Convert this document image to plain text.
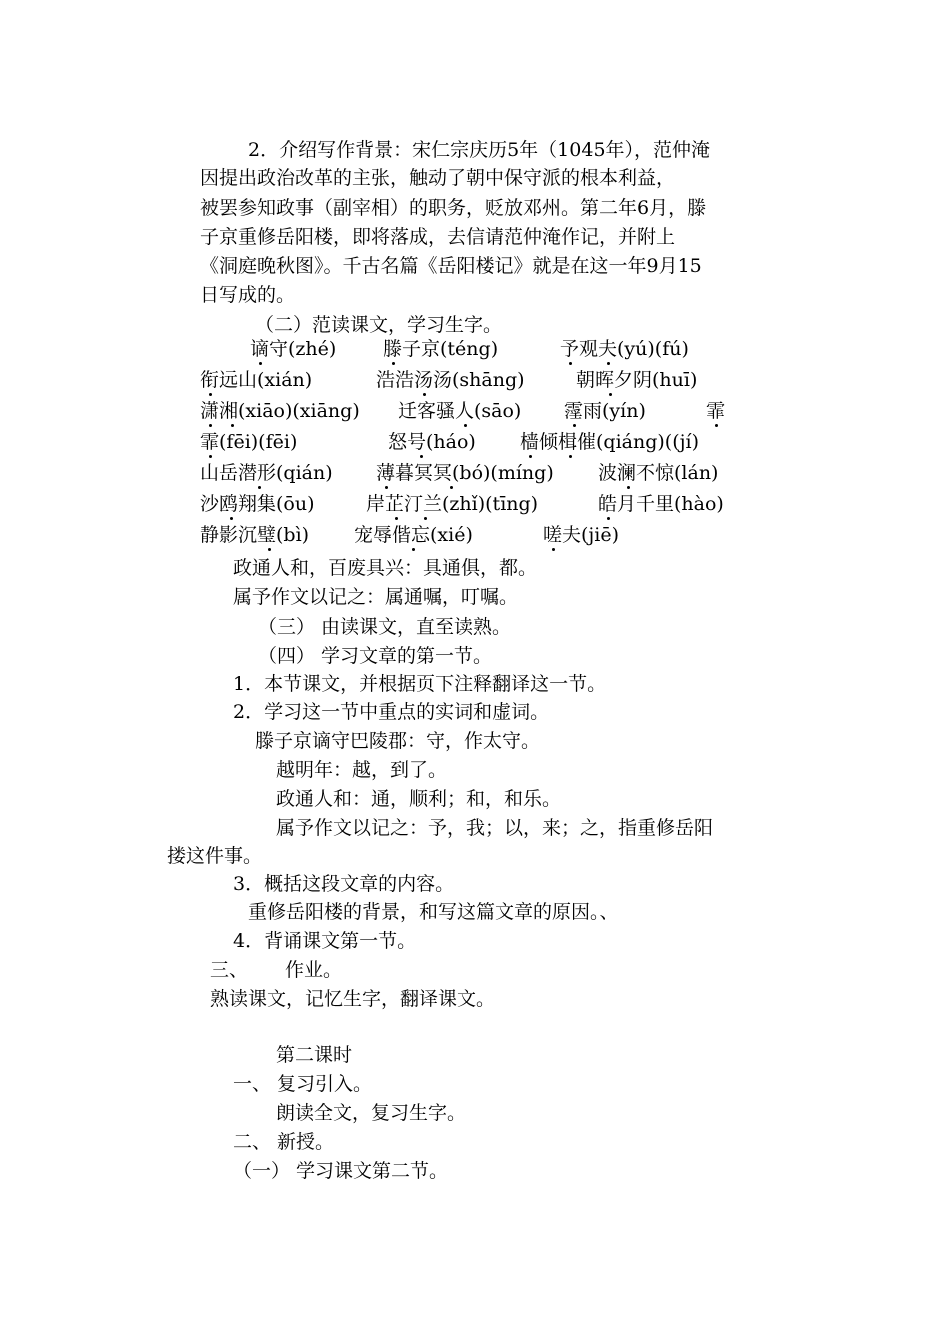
2．介绍写作背景：宋仁宗庆历5年（1045年），范仲淹
因提出政治改革的主张，触动了朝中保守派的根本利益，
被罢参知政事（副宰相）的职务，贬放邓州。第二年6月，滕
子京重修岳阳楼，即将落成，去信请范仲淹作记，并附上
《洞庭晚秋图》。千古名篇《岳阳楼记》就是在这一年9月15
日写成的。
（二）范读课文，学习生字。
谪守(zhé) 滕子京(téng)	予观夫(yú)(fú)
衔远山(xián)	浩浩汤汤(shāng)	朝晖夕阴(huī)
潇湘(xiāo)(xiāng) 迁客骚人(sāo) 霪雨(yín)	霏
霏(fēi)(fēi)	怒号(háo) 樯倾楫催(qiáng)((jí)
山岳潜形(qián) 薄暮冥冥(bó)(míng) 波澜不惊(lán)
沙鸥翔集(ōu)	岸芷汀兰(zhǐ)(tīng)	皓月千里(hào)
静影沉璧(bì) 宠辱偕忘(xié)	嗟夫(jiē)
政通人和，百废具兴：具通俱，都。
属予作文以记之：属通嘱，叮嘱。
（三） 由读课文，直至读熟。
（四） 学习文章的第一节。
1．本节课文，并根据页下注释翻译这一节。
2．学习这一节中重点的实词和虚词。
滕子京谪守巴陵郡：守，作太守。
越明年：越，到了。
政通人和：通，顺利；和，和乐。
属予作文以记之：予，我；以，来；之，指重修岳阳
搂这件事。
3．概括这段文章的内容。
重修岳阳楼的背景，和写这篇文章的原因。、
4．背诵课文第一节。
三、 作业。
熟读课文，记忆生字，翻译课文。
第二课时
一、 复习引入。
朗读全文，复习生字。
二、 新授。
（一） 学习课文第二节。
